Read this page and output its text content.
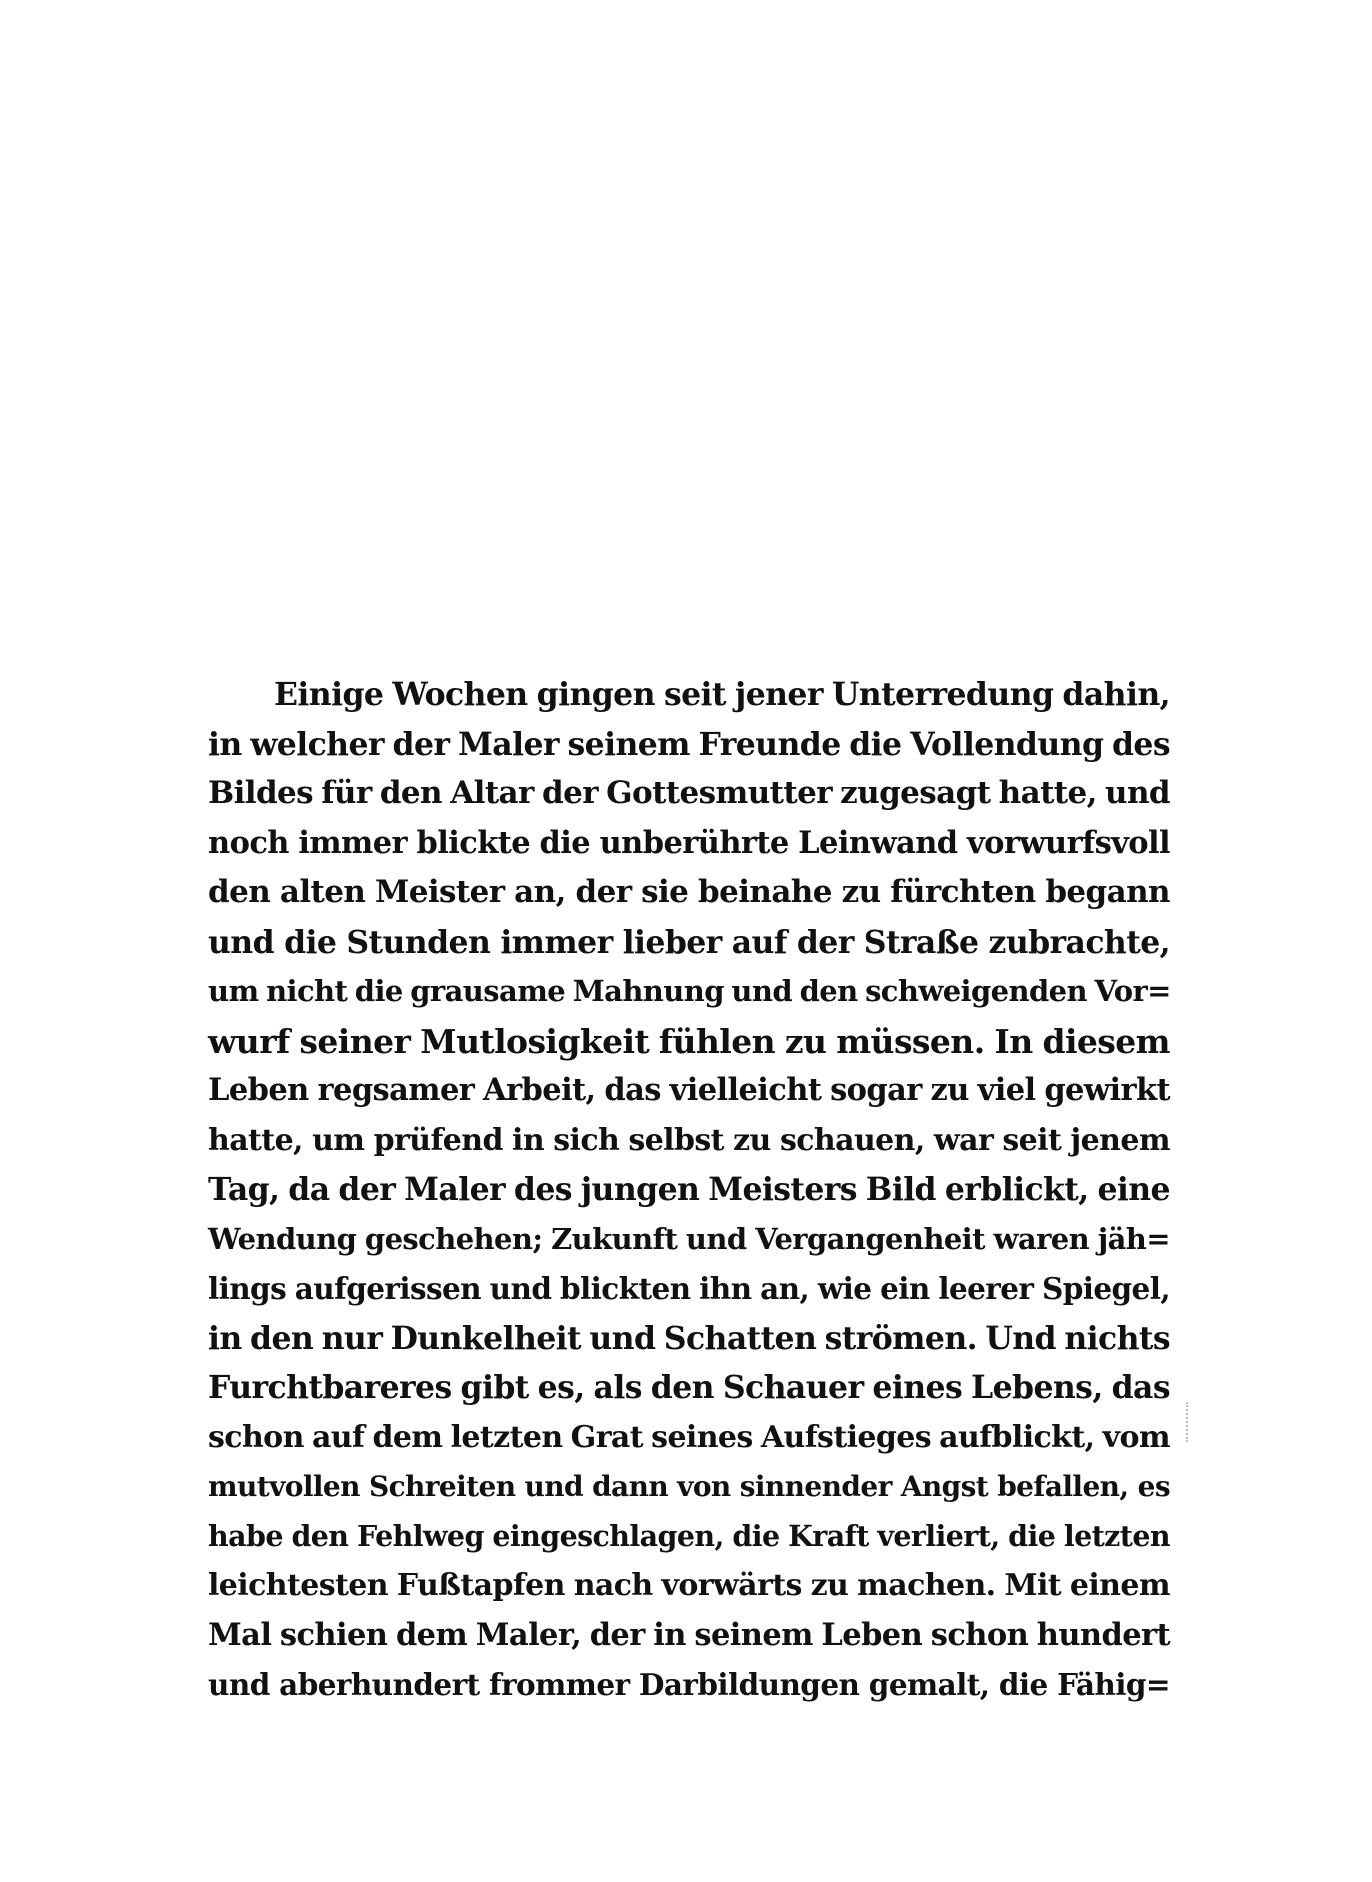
Einige Wochen gingen seit jener Unterredung dahin,
in welcher der Maler seinem Freunde die Vollendung des
Bildes für den Altar der Gottesmutter zugesagt hatte, und
noch immer blickte die unberührte Leinwand vorwurfsvoll
den alten Meister an, der sie beinahe zu fürchten begann
und die Stunden immer lieber auf der Straße zubrachte,
um nicht die grausame Mahnung und den schweigenden Vor=
wurf seiner Mutlosigkeit fühlen zu müssen. In diesem
Leben regsamer Arbeit, das vielleicht sogar zu viel gewirkt
hatte, um prüfend in sich selbst zu schauen, war seit jenem
Tag, da der Maler des jungen Meisters Bild erblickt, eine
Wendung geschehen; Zukunft und Vergangenheit waren jäh=
lings aufgerissen und blickten ihn an, wie ein leerer Spiegel,
in den nur Dunkelheit und Schatten strömen. Und nichts
Furchtbareres gibt es, als den Schauer eines Lebens, das
schon auf dem letzten Grat seines Aufstieges aufblickt, vom
mutvollen Schreiten und dann von sinnender Angst befallen, es
habe den Fehlweg eingeschlagen, die Kraft verliert, die letzten
leichtesten Fußtapfen nach vorwärts zu machen. Mit einem
Mal schien dem Maler, der in seinem Leben schon hundert
und aberhundert frommer Darbildungen gemalt, die Fähig=
